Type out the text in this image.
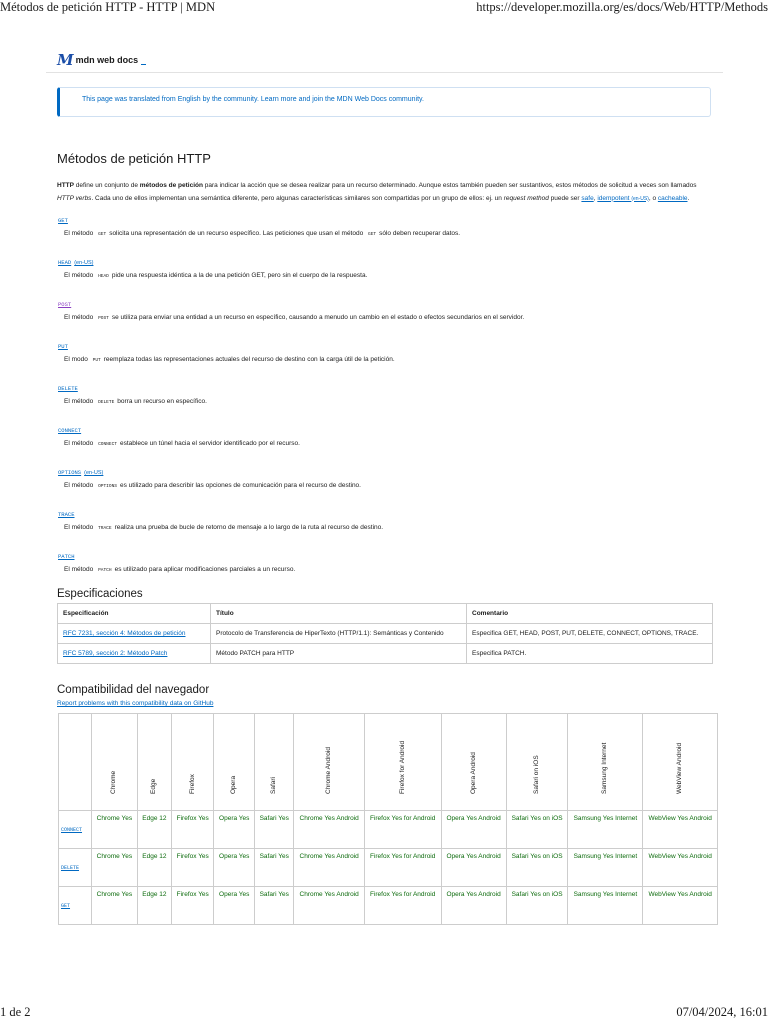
Métodos de petición HTTP - HTTP | MDN	https://developer.mozilla.org/es/docs/Web/HTTP/Methods
M mdn web docs
This page was translated from English by the community. Learn more and join the MDN Web Docs community.
Métodos de petición HTTP

HTTP define un conjunto de métodos de petición para indicar la acción que se desea realizar para un recurso determinado. Aunque estos también pueden ser sustantivos, estos métodos de solicitud a veces son llamados HTTP verbs. Cada uno de ellos implementan una semántica diferente, pero algunas características similares son compartidas por un grupo de ellos: ej. un request method puede ser safe, idempotent (en-US), o cacheable.

GET
El método GET solicita una representación de un recurso específico. Las peticiones que usan el método GET sólo deben recuperar datos.
HEAD (en-US)
El método HEAD pide una respuesta idéntica a la de una petición GET, pero sin el cuerpo de la respuesta.
POST
El método POST se utiliza para enviar una entidad a un recurso en específico, causando a menudo un cambio en el estado o efectos secundarios en el servidor.
PUT
El modo PUT reemplaza todas las representaciones actuales del recurso de destino con la carga útil de la petición.
DELETE
El método DELETE borra un recurso en específico.
CONNECT
El método CONNECT establece un túnel hacia el servidor identificado por el recurso.
OPTIONS (en-US)
El método OPTIONS es utilizado para describir las opciones de comunicación para el recurso de destino.
TRACE
El método TRACE realiza una prueba de bucle de retorno de mensaje a lo largo de la ruta al recurso de destino.
PATCH
El método PATCH es utilizado para aplicar modificaciones parciales a un recurso.
Especificaciones
Especificación	Título	Comentario
RFC 7231, sección 4: Métodos de petición	Protocolo de Transferencia de HiperTexto (HTTP/1.1): Semánticas y Contenido	Especifica GET, HEAD, POST, PUT, DELETE, CONNECT, OPTIONS, TRACE.
RFC 5789, sección 2: Método Patch	Método PATCH para HTTP	Especifica PATCH.
Compatibilidad del navegador
Report problems with this compatibility data on GitHub

	Chrome	Edge	Firefox	Opera	Safari	Chrome Android	Firefox for Android	Opera Android	Safari on iOS	Samsung Internet	WebView Android

CONNECT	Chrome Yes	Edge 12	Firefox Yes	Opera Yes	Safari Yes	Chrome Yes Android	Firefox Yes for Android	Opera Yes Android	Safari Yes on iOS	Samsung Yes Internet	WebView Yes Android
DELETE	Chrome Yes	Edge 12	Firefox Yes	Opera Yes	Safari Yes	Chrome Yes Android	Firefox Yes for Android	Opera Yes Android	Safari Yes on iOS	Samsung Yes Internet	WebView Yes Android
GET	Chrome Yes	Edge 12	Firefox Yes	Opera Yes	Safari Yes	Chrome Yes Android	Firefox Yes for Android	Opera Yes Android	Safari Yes on iOS	Samsung Yes Internet	WebView Yes Android
1 de 2	07/04/2024, 16:01
